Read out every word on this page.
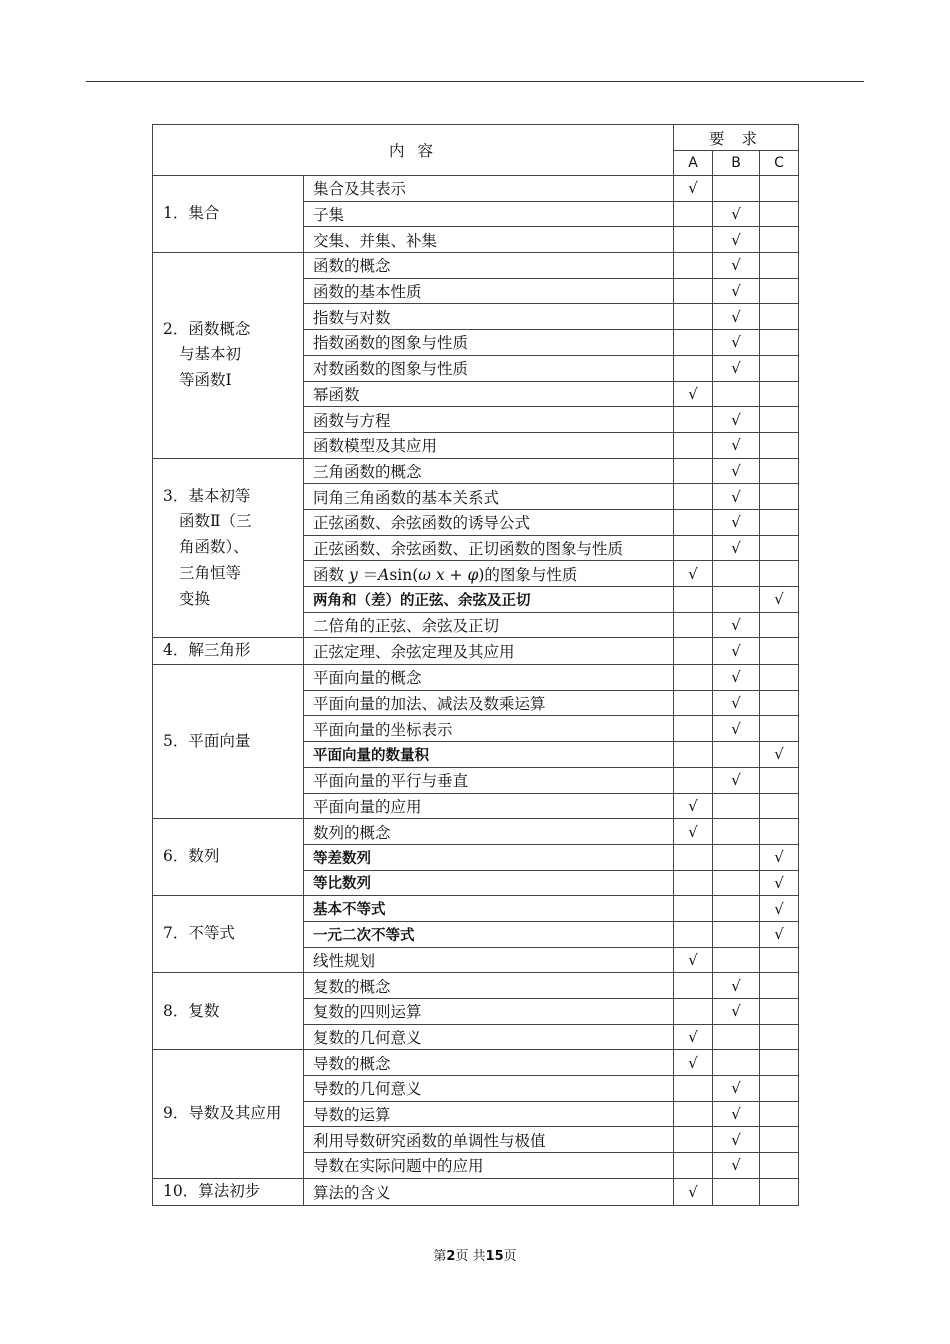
内 容		要 求		
		A	B	C
1．集合	集合及其表示	√		
	子集		√	
	交集、并集、补集		√	
2．函数概念
与基本初
等函数Ⅰ	函数的概念		√	
	函数的基本性质		√	
	指数与对数		√	
	指数函数的图象与性质		√	
	对数函数的图象与性质		√	
	幂函数	√		
	函数与方程		√	
	函数模型及其应用		√	
3．基本初等
函数Ⅱ（三
角函数）、
三角恒等
变换	三角函数的概念		√	
	同角三角函数的基本关系式		√	
	正弦函数、余弦函数的诱导公式		√	
	正弦函数、余弦函数、正切函数的图象与性质		√	
	函数 y ＝Asin(ω x + φ)的图象与性质	√		
	两角和（差）的正弦、余弦及正切			√
	二倍角的正弦、余弦及正切		√	
4．解三角形	正弦定理、余弦定理及其应用		√	
5．平面向量	平面向量的概念		√	
	平面向量的加法、减法及数乘运算		√	
	平面向量的坐标表示		√	
	平面向量的数量积			√
	平面向量的平行与垂直		√	
	平面向量的应用	√		
6．数列	数列的概念	√		
	等差数列			√
	等比数列			√
7．不等式	基本不等式			√
	一元二次不等式			√
	线性规划	√		
8．复数	复数的概念		√	
	复数的四则运算		√	
	复数的几何意义	√		
9．导数及其应用	导数的概念	√		
	导数的几何意义		√	
	导数的运算		√	
	利用导数研究函数的单调性与极值		√	
	导数在实际问题中的应用		√	
10．算法初步	算法的含义	√		
第2页 共15页
